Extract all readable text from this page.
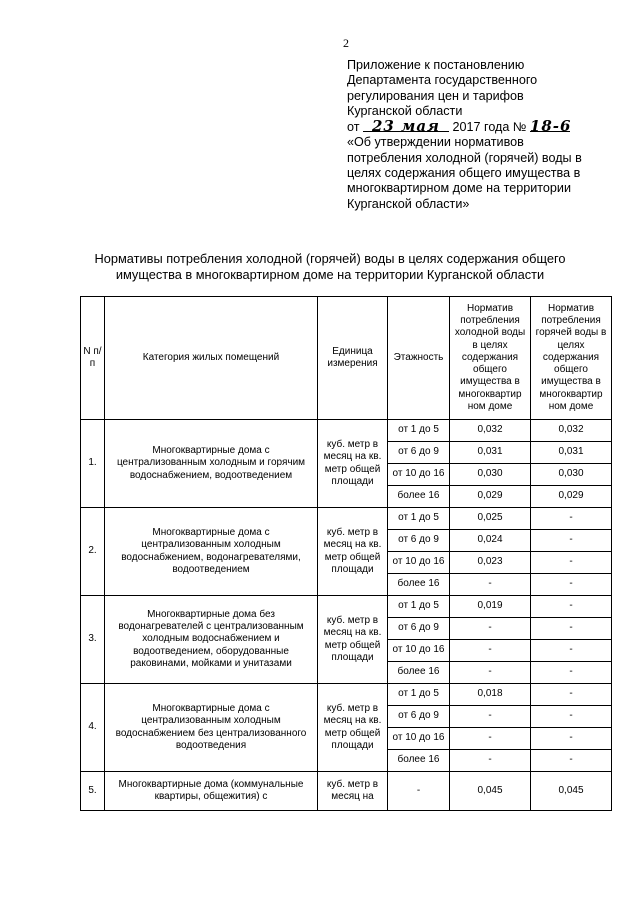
2
Приложение к постановлению
Департамента государственного
регулирования цен и тарифов
Курганской области
от 23 мая 2017 года № 18-6
«Об утверждении нормативов
потребления холодной (горячей) воды в
целях содержания общего имущества в
многоквартирном доме на территории
Курганской области»
Нормативы потребления холодной (горячей) воды в целях содержания общего
имущества в многоквартирном доме на территории Курганской области
N п/п	Категория жилых помещений	Единица измерения	Этажность	Норматив потребления холодной воды в целях содержания общего имущества в многоквартир ном доме	Норматив потребления горячей воды в целях содержания общего имущества в многоквартир ном доме
1.	Многоквартирные дома с централизованным холодным и горячим водоснабжением, водоотведением	куб. метр в месяц на кв. метр общей площади	от 1 до 5	0,032	0,032
			от 6 до 9	0,031	0,031
			от 10 до 16	0,030	0,030
			более 16	0,029	0,029
2.	Многоквартирные дома с централизованным холодным водоснабжением, водонагревателями, водоотведением	куб. метр в месяц на кв. метр общей площади	от 1 до 5	0,025	-
			от 6 до 9	0,024	-
			от 10 до 16	0,023	-
			более 16	-	-
3.	Многоквартирные дома без водонагревателей с централизованным холодным водоснабжением и водоотведением, оборудованные раковинами, мойками и унитазами	куб. метр в месяц на кв. метр общей площади	от 1 до 5	0,019	-
			от 6 до 9	-	-
			от 10 до 16	-	-
			более 16	-	-
4.	Многоквартирные дома с централизованным холодным водоснабжением без централизованного водоотведения	куб. метр в месяц на кв. метр общей площади	от 1 до 5	0,018	-
			от 6 до 9	-	-
			от 10 до 16	-	-
			более 16	-	-
5.	Многоквартирные дома (коммунальные квартиры, общежития) с	куб. метр в месяц на	-	0,045	0,045
